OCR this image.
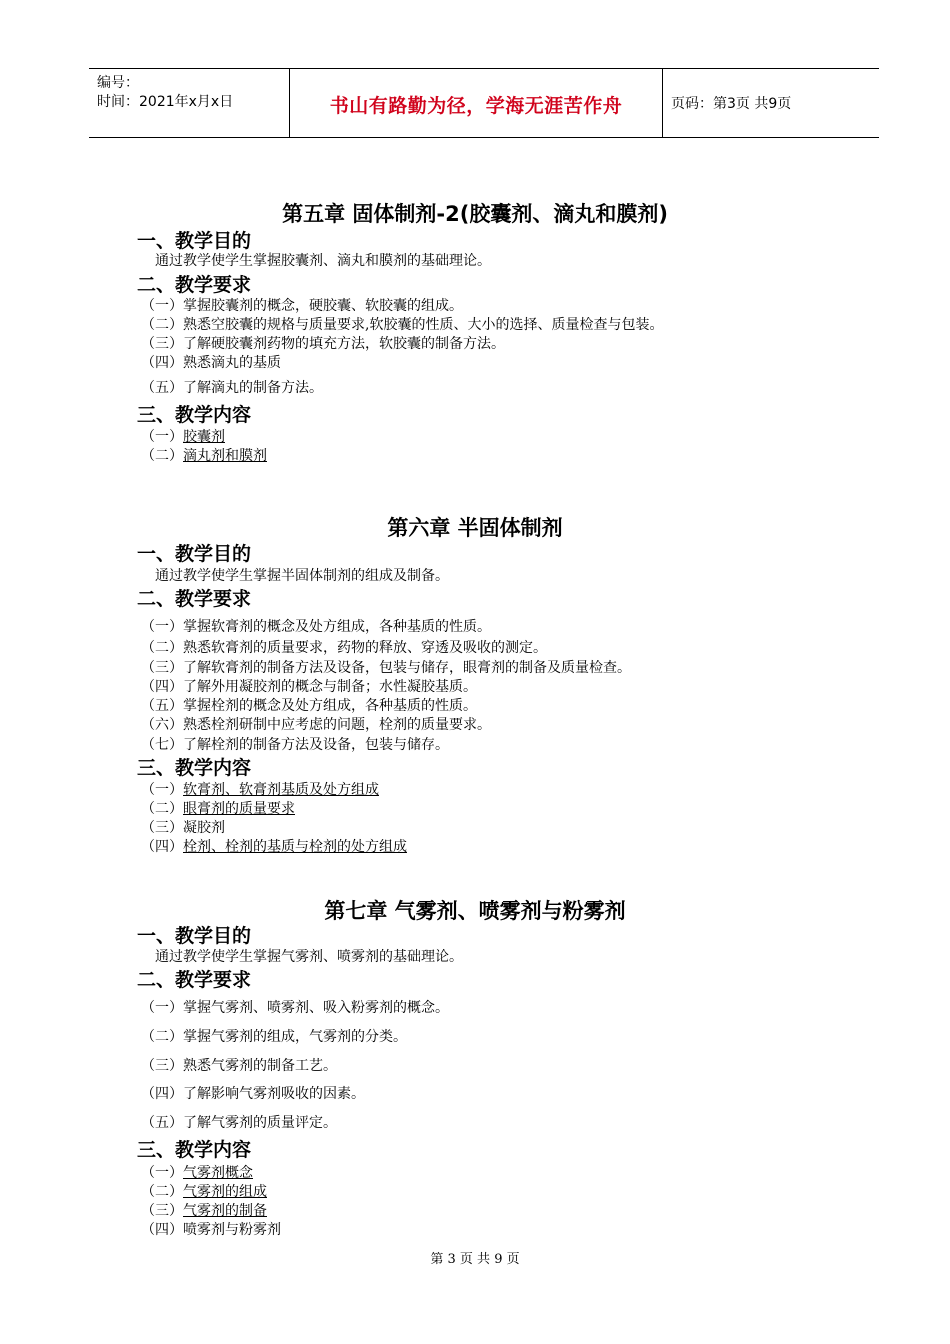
编号：
时间：2021年x月x日	书山有路勤为径，学海无涯苦作舟	页码：第3页 共9页
第五章 固体制剂-2(胶囊剂、滴丸和膜剂)
一、教学目的
通过教学使学生掌握胶囊剂、滴丸和膜剂的基础理论。
二、教学要求
（一）掌握胶囊剂的概念，硬胶囊、软胶囊的组成。
（二）熟悉空胶囊的规格与质量要求,软胶囊的性质、大小的选择、质量检查与包装。
（三）了解硬胶囊剂药物的填充方法，软胶囊的制备方法。
（四）熟悉滴丸的基质
（五）了解滴丸的制备方法。
三、教学内容
（一）胶囊剂
（二）滴丸剂和膜剂
第六章 半固体制剂
一、教学目的
通过教学使学生掌握半固体制剂的组成及制备。
二、教学要求
（一）掌握软膏剂的概念及处方组成，各种基质的性质。
（二）熟悉软膏剂的质量要求，药物的释放、穿透及吸收的测定。
（三）了解软膏剂的制备方法及设备，包装与储存，眼膏剂的制备及质量检查。
（四）了解外用凝胶剂的概念与制备；水性凝胶基质。
（五）掌握栓剂的概念及处方组成，各种基质的性质。
（六）熟悉栓剂研制中应考虑的问题，栓剂的质量要求。
（七）了解栓剂的制备方法及设备，包装与储存。
三、教学内容
（一）软膏剂、软膏剂基质及处方组成
（二）眼膏剂的质量要求
（三）凝胶剂
（四）栓剂、栓剂的基质与栓剂的处方组成
第七章 气雾剂、喷雾剂与粉雾剂
一、教学目的
通过教学使学生掌握气雾剂、喷雾剂的基础理论。
二、教学要求
（一）掌握气雾剂、喷雾剂、吸入粉雾剂的概念。
（二）掌握气雾剂的组成，气雾剂的分类。
（三）熟悉气雾剂的制备工艺。
（四）了解影响气雾剂吸收的因素。
（五）了解气雾剂的质量评定。
三、教学内容
（一）气雾剂概念
（二）气雾剂的组成
（三）气雾剂的制备
（四）喷雾剂与粉雾剂
第 3 页 共 9 页
